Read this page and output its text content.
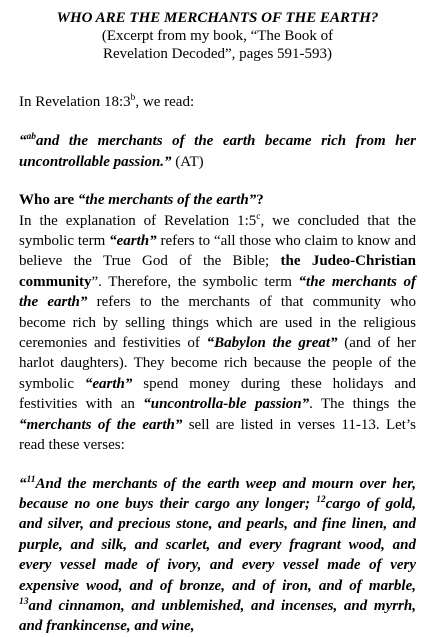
WHO ARE THE MERCHANTS OF THE EARTH?

(Excerpt from my book, “The Book of

Revelation Decoded”, pages 591-593)

In Revelation 18:3$^b$, we read:

“$^{ab}$and the merchants of the earth became rich from her uncontrollable passion.” (AT)

Who are “the merchants of the earth”?

In the explanation of Revelation 1:5$^c$, we concluded that the symbolic term “earth” refers to “all those who claim to know and believe the True God of the Bible; the Judeo-Christian community”. Therefore, the symbolic term “the merchants of the earth” refers to the merchants of that community who become rich by selling things which are used in the religious ceremonies and festivities of “Babylon the great” (and of her harlot daughters). They become rich because the people of the symbolic “earth” spend money during these holidays and festivities with an “uncontrolla-ble passion”. The things the “merchants of the earth” sell are listed in verses 11-13. Let’s read these verses:

“$^{11}$And the merchants of the earth weep and mourn over her, because no one buys their cargo any longer; $^{12}$cargo of gold, and silver, and precious stone, and pearls, and fine linen, and purple, and silk, and scarlet, and every fragrant wood, and every vessel made of ivory, and every vessel made of very expensive wood, and of bronze, and of iron, and of marble, $^{13}$and cinnamon, and unblemished, and incenses, and myrrh, and frankincense, and wine,
